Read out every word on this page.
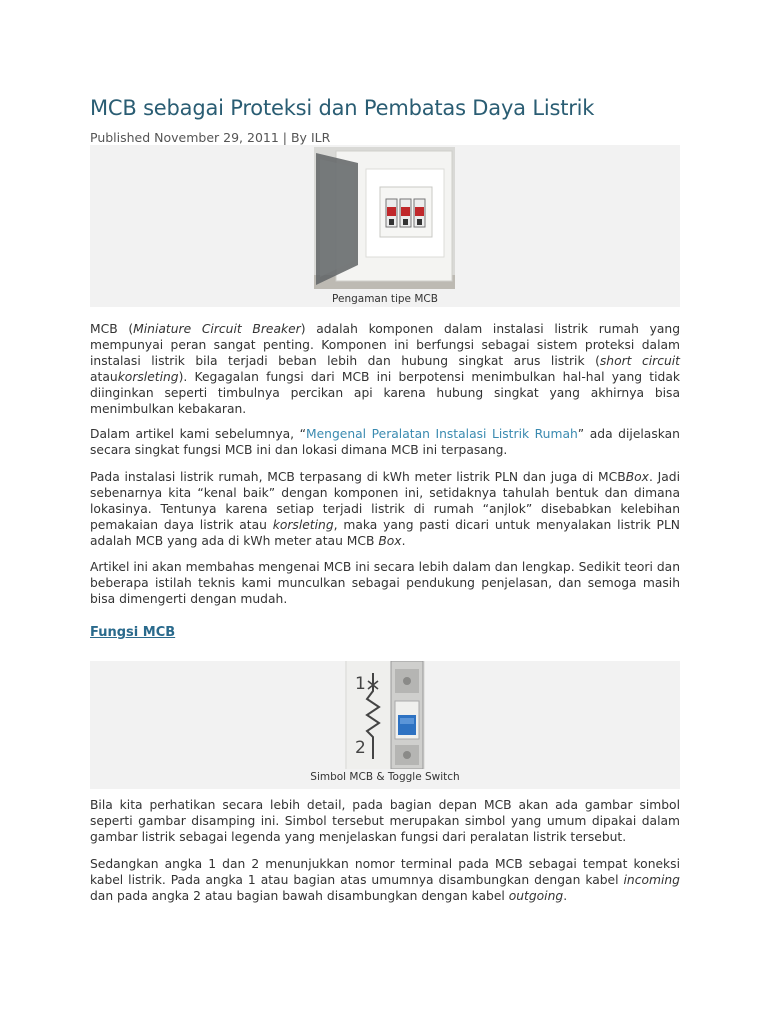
MCB sebagai Proteksi dan Pembatas Daya Listrik
Published November 29, 2011 | By ILR
Pengaman tipe MCB

MCB (Miniature Circuit Breaker) adalah komponen dalam instalasi listrik rumah yang mempunyai peran sangat penting. Komponen ini berfungsi sebagai sistem proteksi dalam instalasi listrik bila terjadi beban lebih dan hubung singkat arus listrik (short circuit ataukorsleting). Kegagalan fungsi dari MCB ini berpotensi menimbulkan hal-hal yang tidak diinginkan seperti timbulnya percikan api karena hubung singkat yang akhirnya bisa menimbulkan kebakaran.

Dalam artikel kami sebelumnya, “Mengenal Peralatan Instalasi Listrik Rumah” ada dijelaskan secara singkat fungsi MCB ini dan lokasi dimana MCB ini terpasang.

Pada instalasi listrik rumah, MCB terpasang di kWh meter listrik PLN dan juga di MCBBox. Jadi sebenarnya kita “kenal baik” dengan komponen ini, setidaknya tahulah bentuk dan dimana lokasinya. Tentunya karena setiap terjadi listrik di rumah “anjlok” disebabkan kelebihan pemakaian daya listrik atau korsleting, maka yang pasti dicari untuk menyalakan listrik PLN adalah MCB yang ada di kWh meter atau MCB Box.

Artikel ini akan membahas mengenai MCB ini secara lebih dalam dan lengkap. Sedikit teori dan beberapa istilah teknis kami munculkan sebagai pendukung penjelasan, dan semoga masih bisa dimengerti dengan mudah.

Fungsi MCB
1
2
Simbol MCB & Toggle Switch

Bila kita perhatikan secara lebih detail, pada bagian depan MCB akan ada gambar simbol seperti gambar disamping ini. Simbol tersebut merupakan simbol yang umum dipakai dalam gambar listrik sebagai legenda yang menjelaskan fungsi dari peralatan listrik tersebut.

Sedangkan angka 1 dan 2 menunjukkan nomor terminal pada MCB sebagai tempat koneksi kabel listrik. Pada angka 1 atau bagian atas umumnya disambungkan dengan kabel incoming dan pada angka 2 atau bagian bawah disambungkan dengan kabel outgoing.
